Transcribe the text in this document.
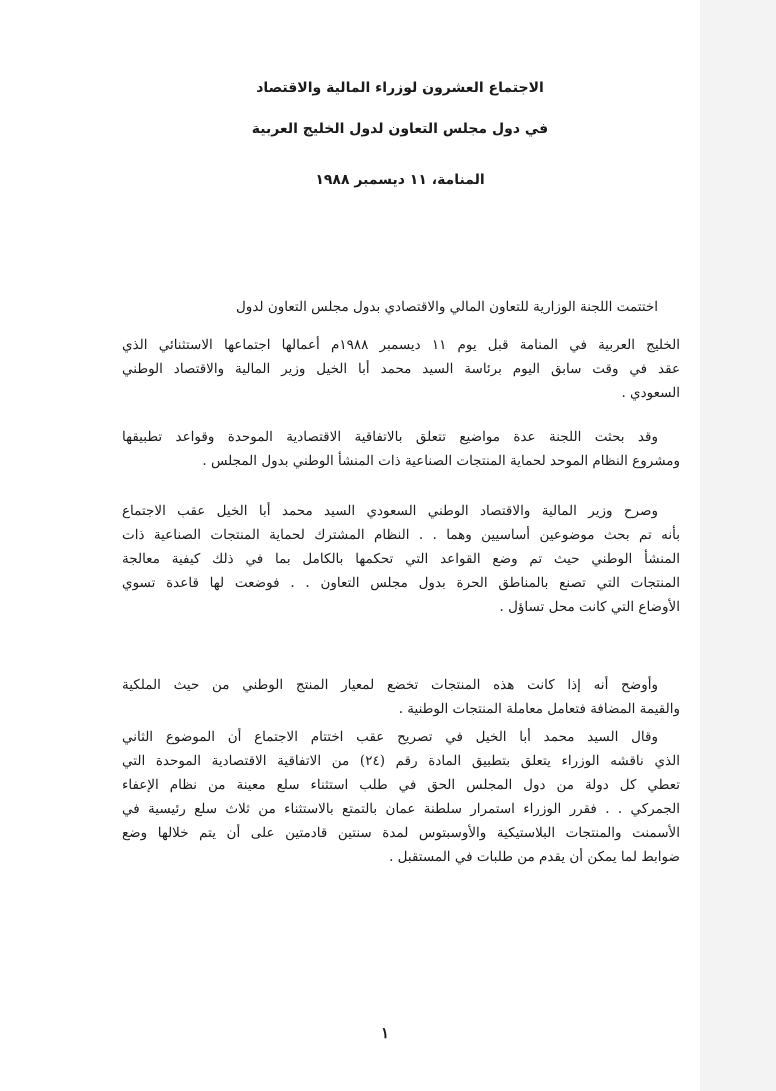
الاجتماع العشرون لوزراء المالية والاقتصاد
في دول مجلس التعاون لدول الخليج العربية
المنامة، ١١ ديسمبر ١٩٨٨
اختتمت اللجنة الوزارية للتعاون المالي والاقتصادي بدول مجلس التعاون لدول
الخليج العربية في المنامة قبل يوم ١١ ديسمبر ١٩٨٨م أعمالها اجتماعها الاستثنائي الذي
عقد في وقت سابق اليوم برئاسة السيد محمد أبا الخيل وزير المالية والاقتصاد الوطني
السعودي .
وقد بحثت اللجنة عدة مواضيع تتعلق بالاتفاقية الاقتصادية الموحدة وقواعد تطبيقها
ومشروع النظام الموحد لحماية المنتجات الصناعية ذات المنشأ الوطني بدول المجلس .
وصرح وزير المالية والاقتصاد الوطني السعودي السيد محمد أبا الخيل عقب الاجتماع
بأنه تم بحث موضوعين أساسيين وهما . . النظام المشترك لحماية المنتجات الصناعية ذات
المنشأ الوطني حيث تم وضع القواعد التي تحكمها بالكامل بما في ذلك كيفية معالجة
المنتجات التي تصنع بالمناطق الحرة بدول مجلس التعاون . . فوضعت لها قاعدة تسوي
الأوضاع التي كانت محل تساؤل .
وأوضح أنه إذا كانت هذه المنتجات تخضع لمعيار المنتج الوطني من حيث الملكية
والقيمة المضافة فتعامل معاملة المنتجات الوطنية .
وقال السيد محمد أبا الخيل في تصريح عقب اختتام الاجتماع أن الموضوع الثاني
الذي ناقشه الوزراء يتعلق بتطبيق المادة رقم (٢٤) من الاتفاقية الاقتصادية الموحدة التي
تعطي كل دولة من دول المجلس الحق في طلب استثناء سلع معينة من نظام الإعفاء
الجمركي . . فقرر الوزراء استمرار سلطنة عمان بالتمتع بالاستثناء من ثلاث سلع رئيسية في
الأسمنت والمنتجات البلاستيكية والأوسبتوس لمدة سنتين قادمتين على أن يتم خلالها وضع
ضوابط لما يمكن أن يقدم من طلبات في المستقبل .
١
